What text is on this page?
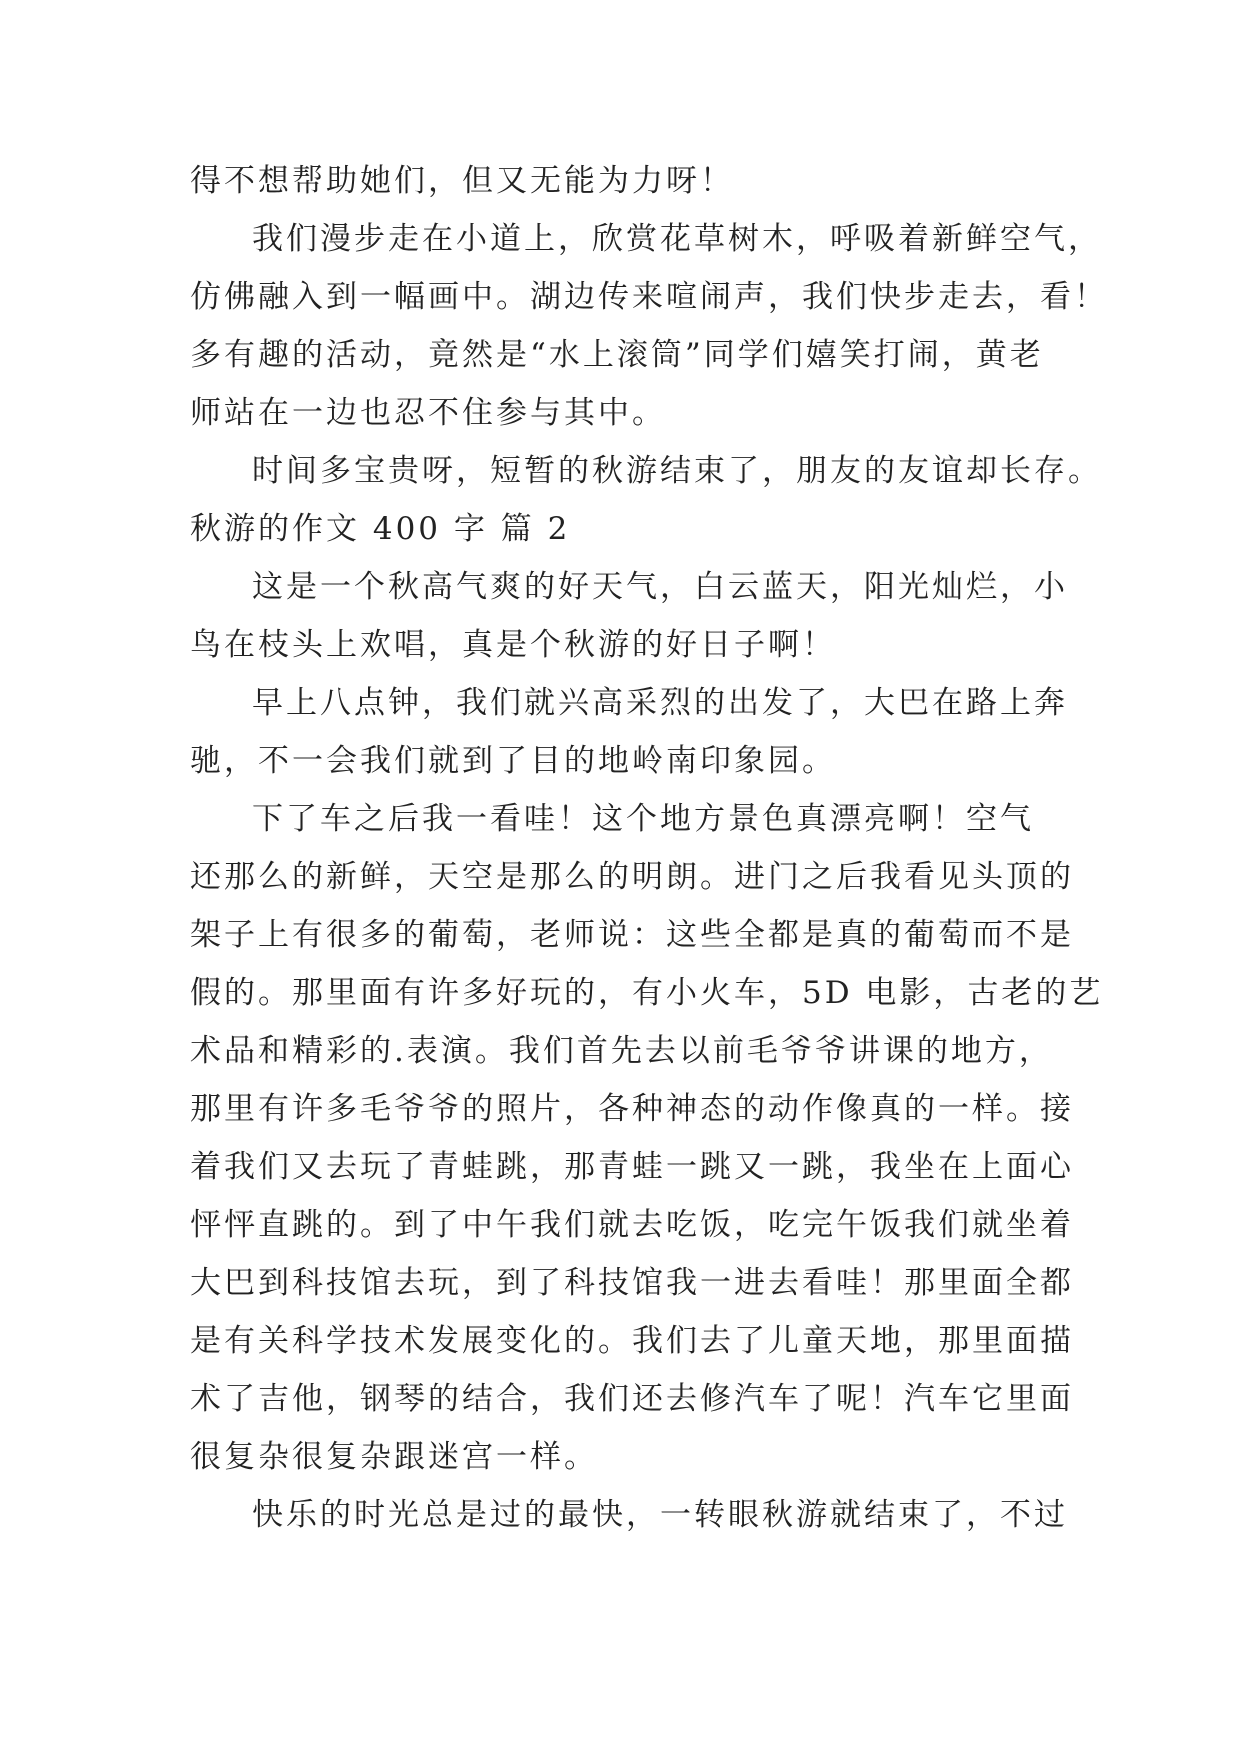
得不想帮助她们，但又无能为力呀！
我们漫步走在小道上，欣赏花草树木，呼吸着新鲜空气，
仿佛融入到一幅画中。湖边传来喧闹声，我们快步走去，看！
多有趣的活动，竟然是“水上滚筒”同学们嬉笑打闹，黄老
师站在一边也忍不住参与其中。
时间多宝贵呀，短暂的秋游结束了，朋友的友谊却长存。
秋游的作文 400 字 篇 2
这是一个秋高气爽的好天气，白云蓝天，阳光灿烂，小
鸟在枝头上欢唱，真是个秋游的好日子啊！
早上八点钟，我们就兴高采烈的出发了，大巴在路上奔
驰，不一会我们就到了目的地岭南印象园。
下了车之后我一看哇！这个地方景色真漂亮啊！空气
还那么的新鲜，天空是那么的明朗。进门之后我看见头顶的
架子上有很多的葡萄，老师说：这些全都是真的葡萄而不是
假的。那里面有许多好玩的，有小火车，5D 电影，古老的艺
术品和精彩的.表演。我们首先去以前毛爷爷讲课的地方，
那里有许多毛爷爷的照片，各种神态的动作像真的一样。接
着我们又去玩了青蛙跳，那青蛙一跳又一跳，我坐在上面心
怦怦直跳的。到了中午我们就去吃饭，吃完午饭我们就坐着
大巴到科技馆去玩，到了科技馆我一进去看哇！那里面全都
是有关科学技术发展变化的。我们去了儿童天地，那里面描
术了吉他，钢琴的结合，我们还去修汽车了呢！汽车它里面
很复杂很复杂跟迷宫一样。
快乐的时光总是过的最快，一转眼秋游就结束了，不过
